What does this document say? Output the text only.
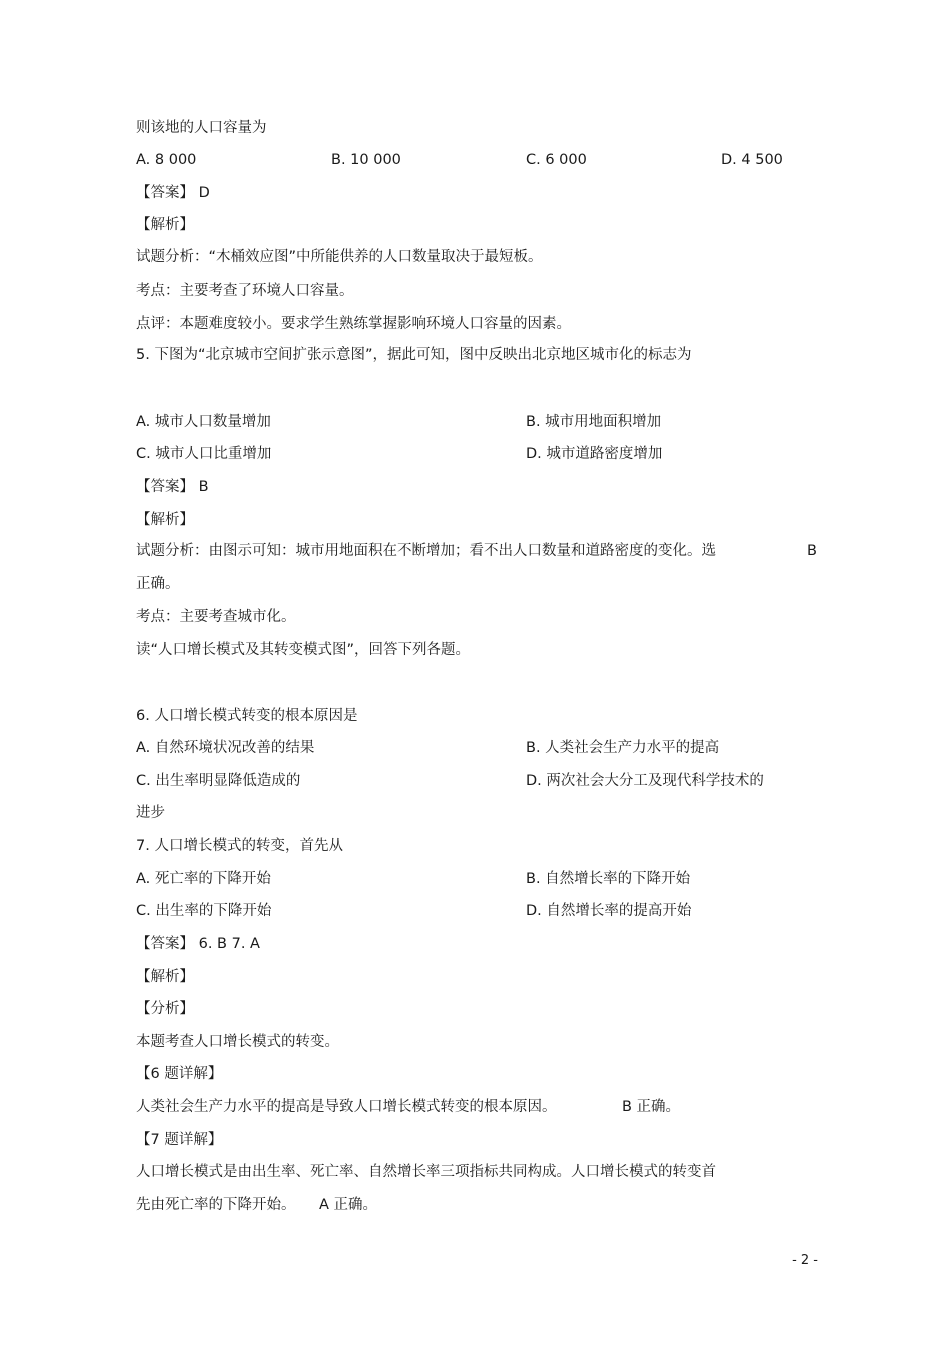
则该地的人口容量为
A. 8 000	B. 10 000	C. 6 000	D. 4 500
【答案】 D
【解析】
试题分析：“木桶效应图”中所能供养的人口数量取决于最短板。
考点：主要考查了环境人口容量。
点评：本题难度较小。要求学生熟练掌握影响环境人口容量的因素。
5. 下图为“北京城市空间扩张示意图”，据此可知，图中反映出北京地区城市化的标志为
A. 城市人口数量增加	B. 城市用地面积增加
C. 城市人口比重增加	D. 城市道路密度增加
【答案】 B
【解析】
试题分析：由图示可知：城市用地面积在不断增加；看不出人口数量和道路密度的变化。选	B
正确。
考点：主要考查城市化。
读“人口增长模式及其转变模式图”，回答下列各题。
6. 人口增长模式转变的根本原因是
A. 自然环境状况改善的结果	B. 人类社会生产力水平的提高
C. 出生率明显降低造成的	D. 两次社会大分工及现代科学技术的
进步
7. 人口增长模式的转变，首先从
A. 死亡率的下降开始	B. 自然增长率的下降开始
C. 出生率的下降开始	D. 自然增长率的提高开始
【答案】 6. B 7. A
【解析】
【分析】
本题考查人口增长模式的转变。
【6 题详解】
人类社会生产力水平的提高是导致人口增长模式转变的根本原因。	B 正确。
【7 题详解】
人口增长模式是由出生率、死亡率、自然增长率三项指标共同构成。人口增长模式的转变首
先由死亡率的下降开始。 A 正确。
- 2 -
